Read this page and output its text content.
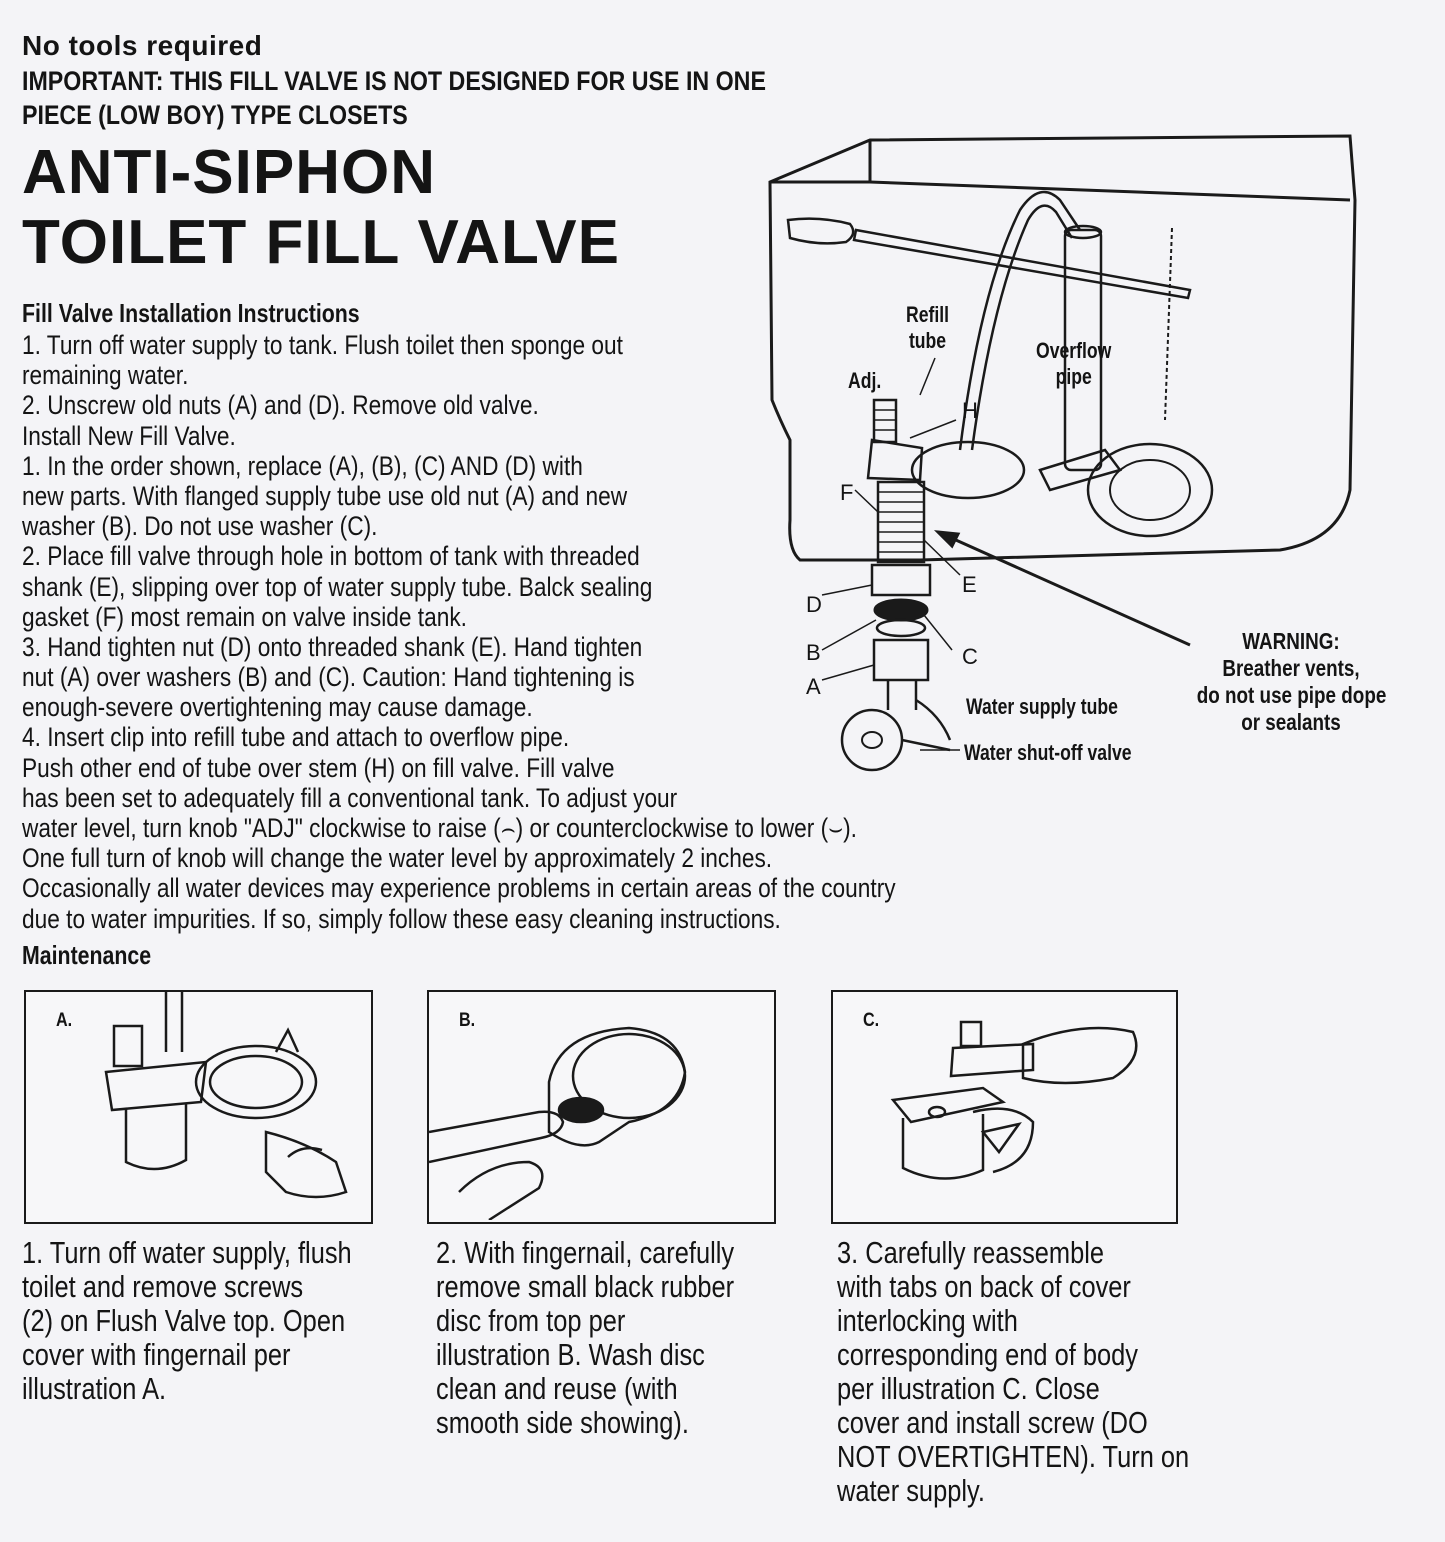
No tools required
IMPORTANT: THIS FILL VALVE IS NOT DESIGNED FOR USE IN ONE
PIECE (LOW BOY) TYPE CLOSETS
ANTI-SIPHON
TOILET FILL VALVE
Fill Valve Installation Instructions
1. Turn off water supply to tank. Flush toilet then sponge out
remaining water.
2. Unscrew old nuts (A) and (D). Remove old valve.
Install New Fill Valve.
1. In the order shown, replace (A), (B), (C) AND (D) with
new parts. With flanged supply tube use old nut (A) and new
washer (B). Do not use washer (C).
2. Place fill valve through hole in bottom of tank with threaded
shank (E), slipping over top of water supply tube. Balck sealing
gasket (F) most remain on valve inside tank.
3. Hand tighten nut (D) onto threaded shank (E). Hand tighten
nut (A) over washers (B) and (C). Caution: Hand tightening is
enough-severe overtightening may cause damage.
4. Insert clip into refill tube and attach to overflow pipe.
Push other end of tube over stem (H) on fill valve. Fill valve
has been set to adequately fill a conventional tank. To adjust your
water level, turn knob "ADJ" clockwise to raise (⌢) or counterclockwise to lower (⌣).
One full turn of knob will change the water level by approximately 2 inches.
Occasionally all water devices may experience problems in certain areas of the country
due to water impurities. If so, simply follow these easy cleaning instructions.
Refill
tube	Overflow
pipe
Adj.
H
F
E
D
C
B
A
Water supply tube
Water shut-off valve
WARNING:
Breather vents,
do not use pipe dope
or sealants
Maintenance
A.	B.	C.
1. Turn off water supply, flush
toilet and remove screws
(2) on Flush Valve top. Open
cover with fingernail per
illustration A.
2. With fingernail, carefully
remove small black rubber
disc from top per
illustration B. Wash disc
clean and reuse (with
smooth side showing).
3. Carefully reassemble
with tabs on back of cover
interlocking with
corresponding end of body
per illustration C. Close
cover and install screw (DO
NOT OVERTIGHTEN). Turn on
water supply.
